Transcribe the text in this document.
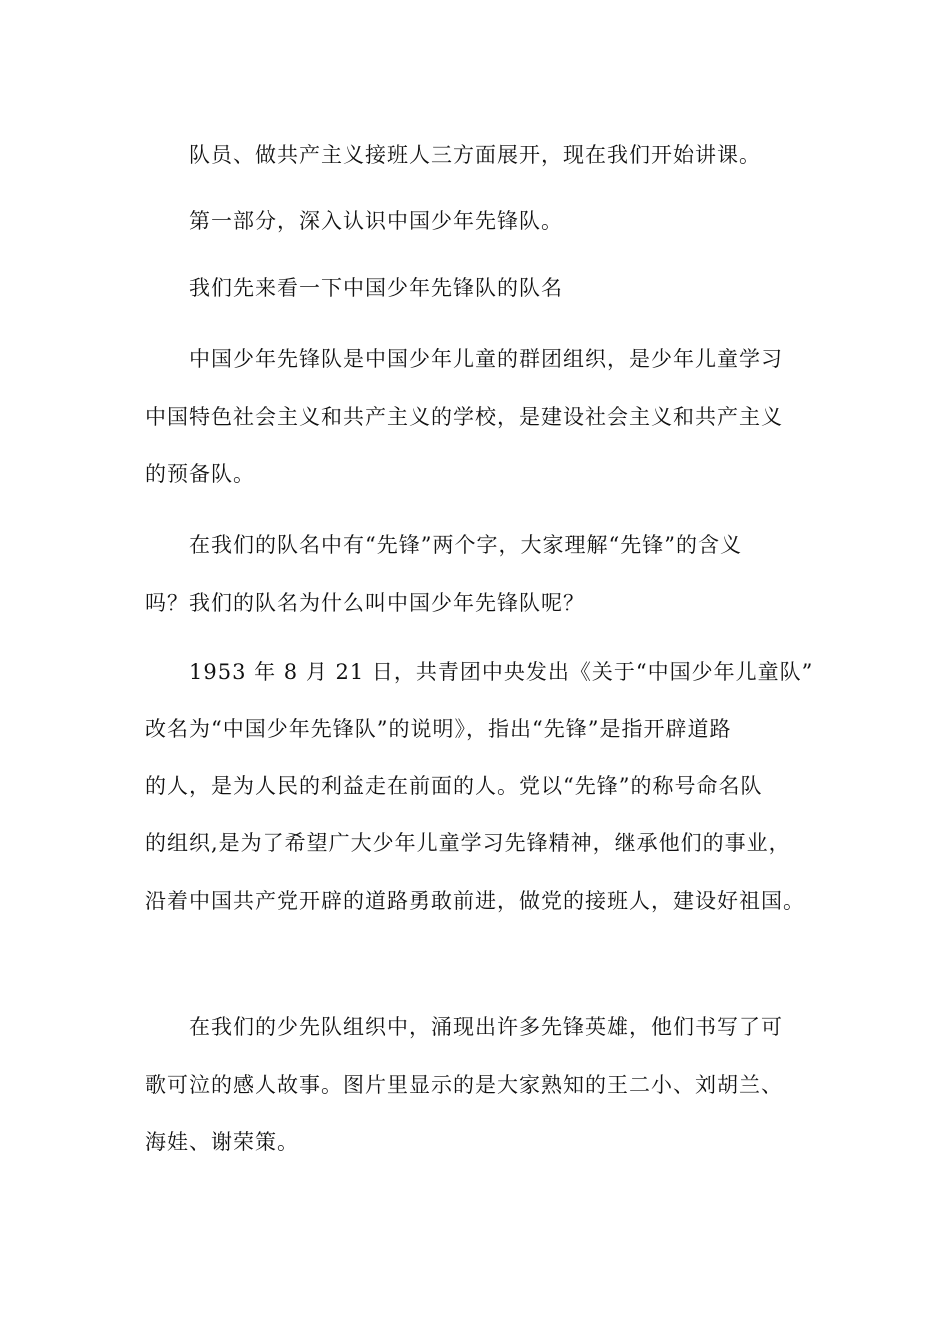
队员、做共产主义接班人三方面展开，现在我们开始讲课。
第一部分，深入认识中国少年先锋队。
我们先来看一下中国少年先锋队的队名
中国少年先锋队是中国少年儿童的群团组织，是少年儿童学习
中国特色社会主义和共产主义的学校，是建设社会主义和共产主义
的预备队。
在我们的队名中有“先锋”两个字，大家理解“先锋”的含义
吗？我们的队名为什么叫中国少年先锋队呢？
1953 年 8 月 21 日，共青团中央发出《关于“中国少年儿童队”
改名为“中国少年先锋队”的说明》，指出“先锋”是指开辟道路
的人，是为人民的利益走在前面的人。党以“先锋”的称号命名队
的组织,是为了希望广大少年儿童学习先锋精神，继承他们的事业，
沿着中国共产党开辟的道路勇敢前进，做党的接班人，建设好祖国。
在我们的少先队组织中，涌现出许多先锋英雄，他们书写了可
歌可泣的感人故事。图片里显示的是大家熟知的王二小、刘胡兰、
海娃、谢荣策。
